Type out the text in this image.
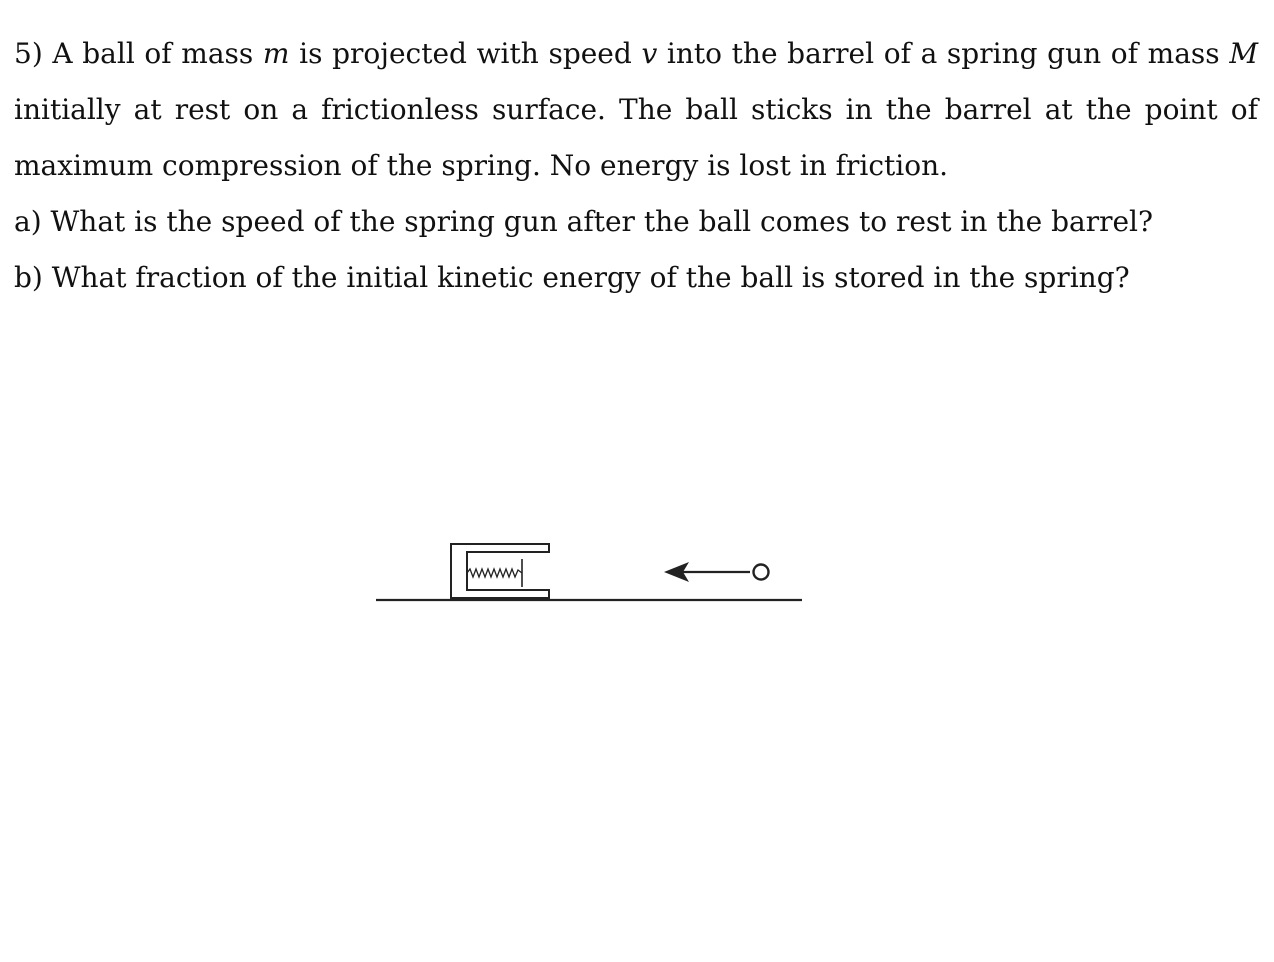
5) A ball of mass m is projected with speed v into the barrel of a spring gun of mass M initially at rest on a frictionless surface. The ball sticks in the barrel at the point of maximum compression of the spring. No energy is lost in friction.

a) What is the speed of the spring gun after the ball comes to rest in the barrel?

b) What fraction of the initial kinetic energy of the ball is stored in the spring?
